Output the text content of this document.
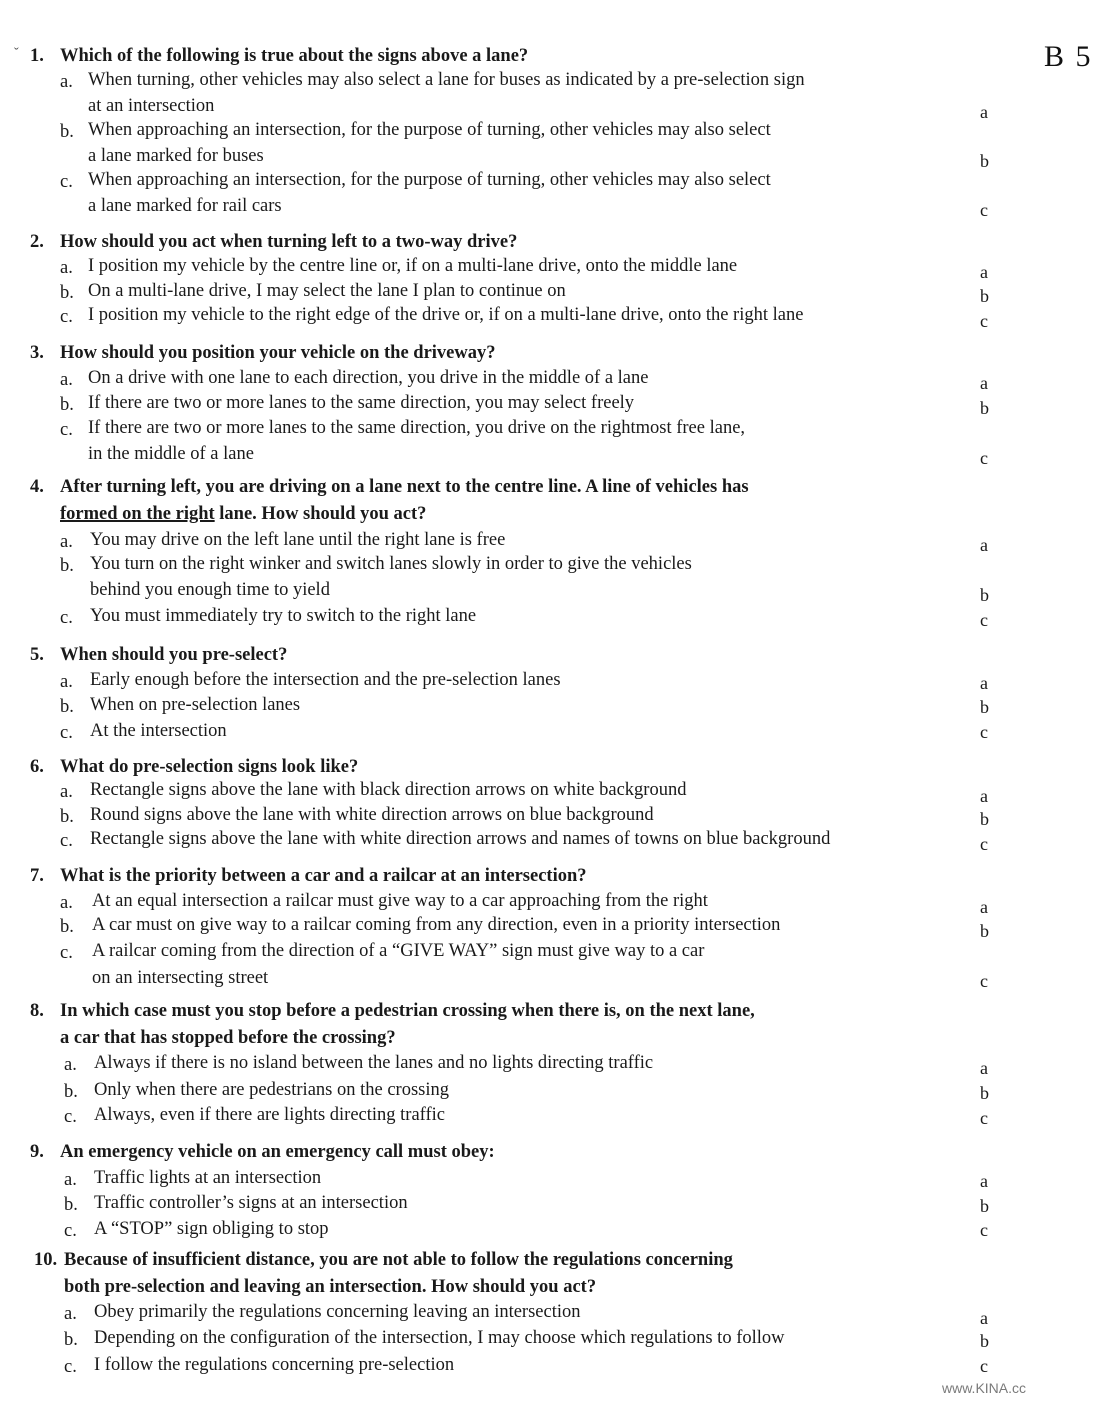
ˇ	B 5
1. Which of the following is true about the signs above a lane?
a. When turning, other vehicles may also select a lane for buses as indicated by a pre-selection sign
at an intersection	a
b. When approaching an intersection, for the purpose of turning, other vehicles may also select
a lane marked for buses	b
c. When approaching an intersection, for the purpose of turning, other vehicles may also select
a lane marked for rail cars	c
2. How should you act when turning left to a two-way drive?
a. I position my vehicle by the centre line or, if on a multi-lane drive, onto the middle lane	a
b. On a multi-lane drive, I may select the lane I plan to continue on	b
c. I position my vehicle to the right edge of the drive or, if on a multi-lane drive, onto the right lane	c
3. How should you position your vehicle on the driveway?
a. On a drive with one lane to each direction, you drive in the middle of a lane	a
b. If there are two or more lanes to the same direction, you may select freely	b
c. If there are two or more lanes to the same direction, you drive on the rightmost free lane,
in the middle of a lane	c
4. After turning left, you are driving on a lane next to the centre line. A line of vehicles has
formed on the right lane. How should you act?
a. You may drive on the left lane until the right lane is free	a
b. You turn on the right winker and switch lanes slowly in order to give the vehicles
behind you enough time to yield	b
c. You must immediately try to switch to the right lane	c
5. When should you pre-select?
a. Early enough before the intersection and the pre-selection lanes	a
b. When on pre-selection lanes	b
c. At the intersection	c
6. What do pre-selection signs look like?
a. Rectangle signs above the lane with black direction arrows on white background	a
b. Round signs above the lane with white direction arrows on blue background	b
c. Rectangle signs above the lane with white direction arrows and names of towns on blue background	c
7. What is the priority between a car and a railcar at an intersection?
a. At an equal intersection a railcar must give way to a car approaching from the right	a
b. A car must on give way to a railcar coming from any direction, even in a priority intersection	b
c. A railcar coming from the direction of a “GIVE WAY” sign must give way to a car
on an intersecting street	c
8. In which case must you stop before a pedestrian crossing when there is, on the next lane,
a car that has stopped before the crossing?
a. Always if there is no island between the lanes and no lights directing traffic	a
b. Only when there are pedestrians on the crossing	b
c. Always, even if there are lights directing traffic	c
9. An emergency vehicle on an emergency call must obey:
a. Traffic lights at an intersection	a
b. Traffic controller’s signs at an intersection	b
c. A “STOP” sign obliging to stop	c
10. Because of insufficient distance, you are not able to follow the regulations concerning
both pre-selection and leaving an intersection. How should you act?
a. Obey primarily the regulations concerning leaving an intersection	a
b. Depending on the configuration of the intersection, I may choose which regulations to follow	b
c. I follow the regulations concerning pre-selection	c
www.KINA.cc
